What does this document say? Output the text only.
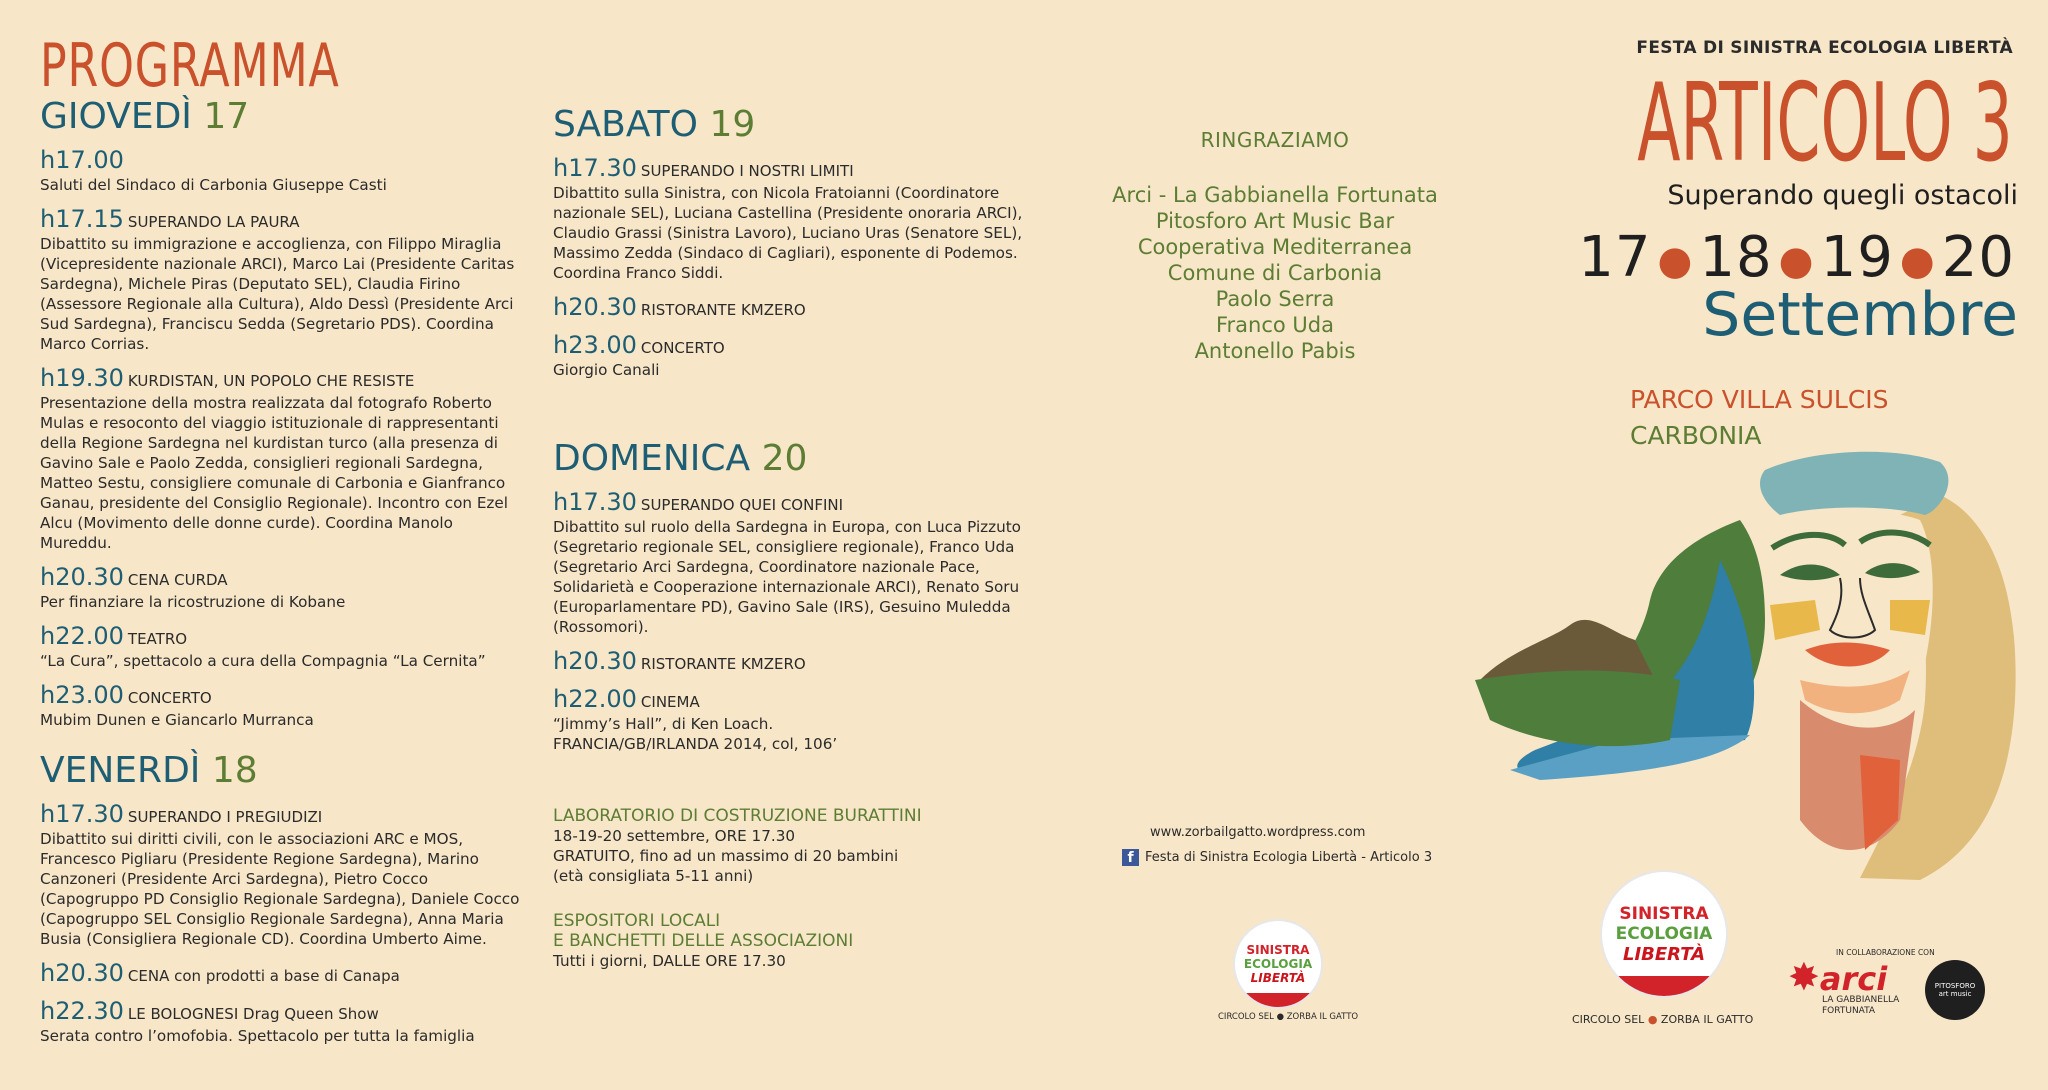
PROGRAMMA
GIOVEDÌ 17
h17.00
Saluti del Sindaco di Carbonia Giuseppe Casti
h17.15 SUPERANDO LA PAURA
Dibattito su immigrazione e accoglienza, con Filippo Miraglia (Vicepresidente nazionale ARCI), Marco Lai (Presidente Caritas Sardegna), Michele Piras (Deputato SEL), Claudia Firino (Assessore Regionale alla Cultura), Aldo Dessì (Presidente Arci Sud Sardegna), Franciscu Sedda (Segretario PDS). Coordina Marco Corrias.
h19.30 KURDISTAN, UN POPOLO CHE RESISTE
Presentazione della mostra realizzata dal fotografo Roberto Mulas e resoconto del viaggio istituzionale di rappresentanti della Regione Sardegna nel kurdistan turco (alla presenza di Gavino Sale e Paolo Zedda, consiglieri regionali Sardegna, Matteo Sestu, consigliere comunale di Carbonia e Gianfranco Ganau, presidente del Consiglio Regionale). Incontro con Ezel Alcu (Movimento delle donne curde). Coordina Manolo Mureddu.
h20.30 CENA CURDA
Per finanziare la ricostruzione di Kobane
h22.00 TEATRO
“La Cura”, spettacolo a cura della Compagnia “La Cernita”
h23.00 CONCERTO
Mubim Dunen e Giancarlo Murranca
VENERDÌ 18
h17.30 SUPERANDO I PREGIUDIZI
Dibattito sui diritti civili, con le associazioni ARC e MOS, Francesco Pigliaru (Presidente Regione Sardegna), Marino Canzoneri (Presidente Arci Sardegna), Pietro Cocco (Capogruppo PD Consiglio Regionale Sardegna), Daniele Cocco (Capogruppo SEL Consiglio Regionale Sardegna), Anna Maria Busia (Consigliera Regionale CD). Coordina Umberto Aime.
h20.30 CENA con prodotti a base di Canapa
h22.30 LE BOLOGNESI Drag Queen Show
Serata contro l’omofobia. Spettacolo per tutta la famiglia
SABATO 19
h17.30 SUPERANDO I NOSTRI LIMITI
Dibattito sulla Sinistra, con Nicola Fratoianni (Coordinatore nazionale SEL), Luciana Castellina (Presidente onoraria ARCI), Claudio Grassi (Sinistra Lavoro), Luciano Uras (Senatore SEL), Massimo Zedda (Sindaco di Cagliari), esponente di Podemos. Coordina Franco Siddi.
h20.30 RISTORANTE KMZERO
h23.00 CONCERTO
Giorgio Canali
DOMENICA 20
h17.30 SUPERANDO QUEI CONFINI
Dibattito sul ruolo della Sardegna in Europa, con Luca Pizzuto (Segretario regionale SEL, consigliere regionale), Franco Uda (Segretario Arci Sardegna, Coordinatore nazionale Pace, Solidarietà e Cooperazione internazionale ARCI), Renato Soru (Europarlamentare PD), Gavino Sale (IRS), Gesuino Muledda (Rossomori).
h20.30 RISTORANTE KMZERO
h22.00 CINEMA
“Jimmy’s Hall”, di Ken Loach.
FRANCIA/GB/IRLANDA 2014, col, 106’
LABORATORIO DI COSTRUZIONE BURATTINI
18-19-20 settembre, ORE 17.30
GRATUITO, fino ad un massimo di 20 bambini
(età consigliata 5-11 anni)
ESPOSITORI LOCALI
E BANCHETTI DELLE ASSOCIAZIONI
Tutti i giorni, DALLE ORE 17.30
RINGRAZIAMO
Arci - La Gabbianella Fortunata
Pitosforo Art Music Bar
Cooperativa Mediterranea
Comune di Carbonia
Paolo Serra
Franco Uda
Antonello Pabis
www.zorbailgatto.wordpress.com
f Festa di Sinistra Ecologia Libertà - Articolo 3
SINISTRA
ECOLOGIA
LIBERTÀ
CIRCOLO SEL ● ZORBA IL GATTO
FESTA DI SINISTRA ECOLOGIA LIBERTÀ
ARTICOLO 3
Superando quegli ostacoli
17 ● 18 ● 19 ● 20
Settembre
PARCO VILLA SULCIS
CARBONIA
SINISTRA
ECOLOGIA
LIBERTÀ
CIRCOLO SEL ● ZORBA IL GATTO
IN COLLABORAZIONE CON
✸arci
LA GABBIANELLA
FORTUNATA
PITOSFORO
art music
